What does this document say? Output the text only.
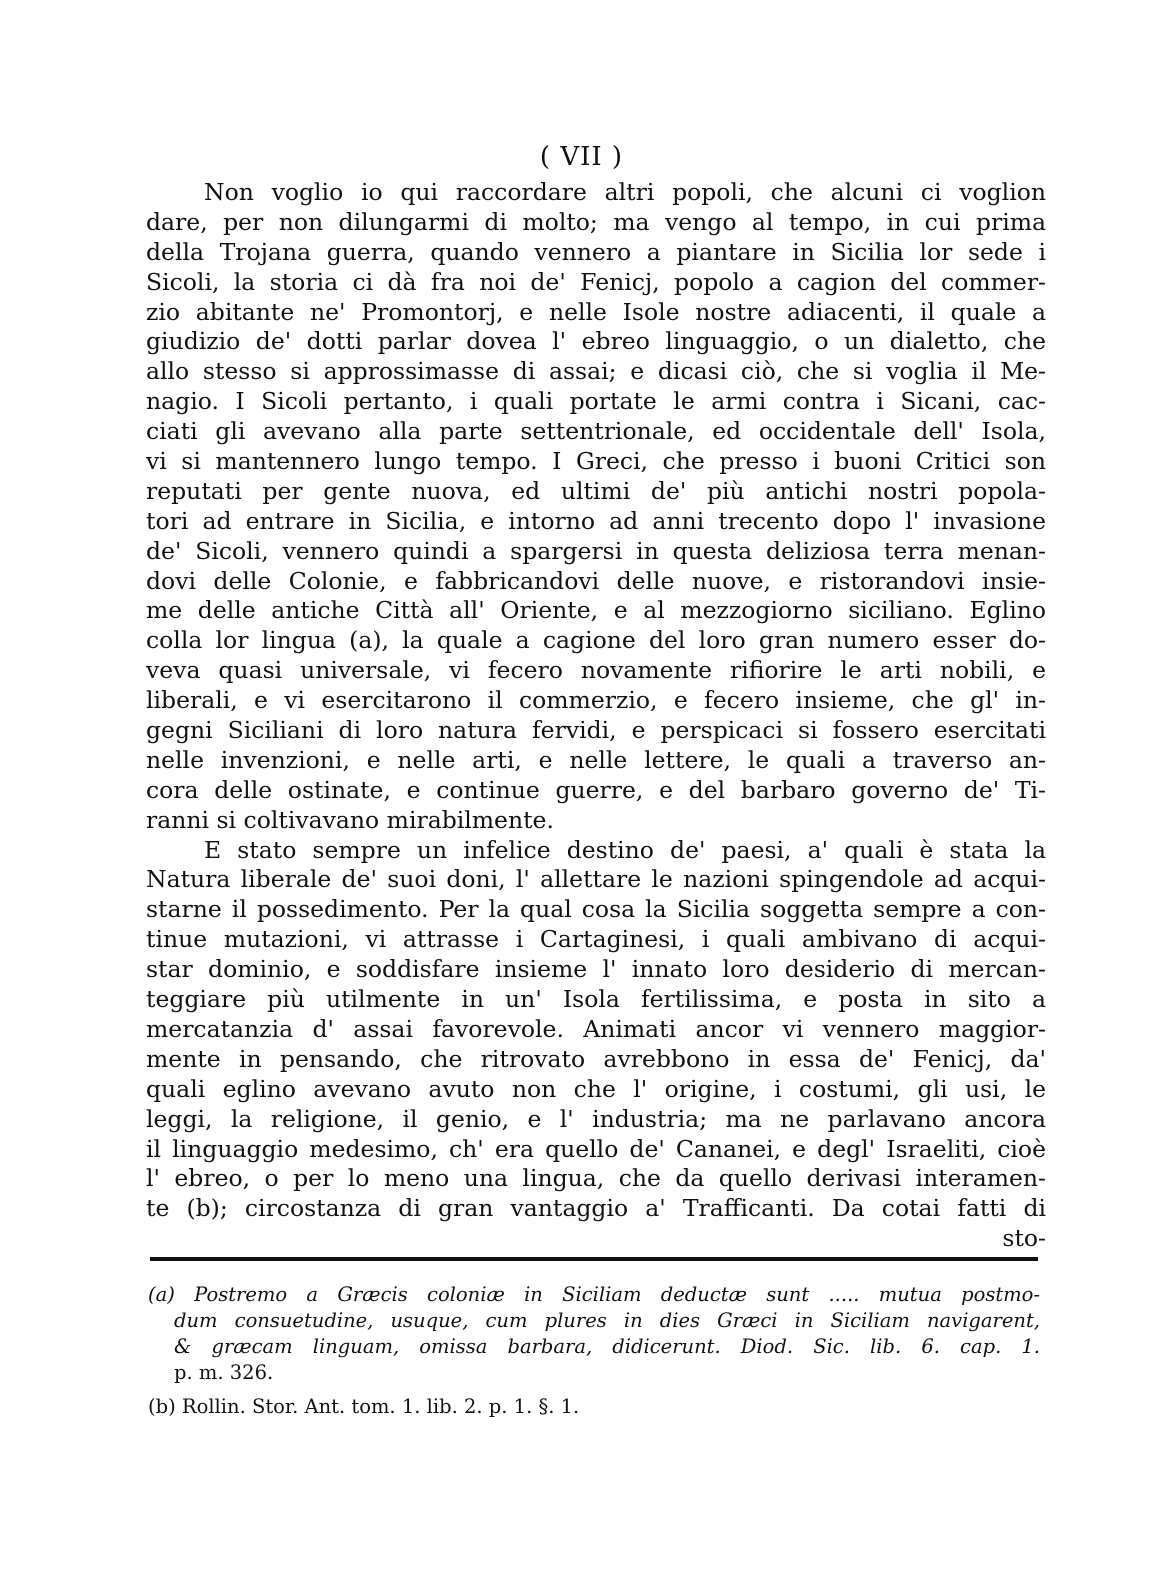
( VII )
Non voglio io qui raccordare altri popoli, che alcuni ci voglion
dare, per non dilungarmi di molto; ma vengo al tempo, in cui prima
della Trojana guerra, quando vennero a piantare in Sicilia lor sede i
Sicoli, la storia ci dà fra noi de' Fenicj, popolo a cagion del commer-
zio abitante ne' Promontorj, e nelle Isole nostre adiacenti, il quale a
giudizio de' dotti parlar dovea l' ebreo linguaggio, o un dialetto, che
allo stesso si approssimasse di assai; e dicasi ciò, che si voglia il Me-
nagio. I Sicoli pertanto, i quali portate le armi contra i Sicani, cac-
ciati gli avevano alla parte settentrionale, ed occidentale dell' Isola,
vi si mantennero lungo tempo. I Greci, che presso i buoni Critici son
reputati per gente nuova, ed ultimi de' più antichi nostri popola-
tori ad entrare in Sicilia, e intorno ad anni trecento dopo l' invasione
de' Sicoli, vennero quindi a spargersi in questa deliziosa terra menan-
dovi delle Colonie, e fabbricandovi delle nuove, e ristorandovi insie-
me delle antiche Città all' Oriente, e al mezzogiorno siciliano. Eglino
colla lor lingua (a), la quale a cagione del loro gran numero esser do-
veva quasi universale, vi fecero novamente rifiorire le arti nobili, e
liberali, e vi esercitarono il commerzio, e fecero insieme, che gl' in-
gegni Siciliani di loro natura fervidi, e perspicaci si fossero esercitati
nelle invenzioni, e nelle arti, e nelle lettere, le quali a traverso an-
cora delle ostinate, e continue guerre, e del barbaro governo de' Ti-
ranni si coltivavano mirabilmente.
E stato sempre un infelice destino de' paesi, a' quali è stata la
Natura liberale de' suoi doni, l' allettare le nazioni spingendole ad acqui-
starne il possedimento. Per la qual cosa la Sicilia soggetta sempre a con-
tinue mutazioni, vi attrasse i Cartaginesi, i quali ambivano di acqui-
star dominio, e soddisfare insieme l' innato loro desiderio di mercan-
teggiare più utilmente in un' Isola fertilissima, e posta in sito a
mercatanzia d' assai favorevole. Animati ancor vi vennero maggior-
mente in pensando, che ritrovato avrebbono in essa de' Fenicj, da'
quali eglino avevano avuto non che l' origine, i costumi, gli usi, le
leggi, la religione, il genio, e l' industria; ma ne parlavano ancora
il linguaggio medesimo, ch' era quello de' Cananei, e degl' Israeliti, cioè
l' ebreo, o per lo meno una lingua, che da quello derivasi interamen-
te (b); circostanza di gran vantaggio a' Trafficanti. Da cotai fatti di
sto-
(a) Postremo a Græcis coloniæ in Siciliam deductæ sunt ..... mutua postmo-
dum consuetudine, usuque, cum plures in dies Græci in Siciliam navigarent,
& græcam linguam, omissa barbara, didicerunt. Diod. Sic. lib. 6. cap. 1.
p. m. 326.
(b) Rollin. Stor. Ant. tom. 1. lib. 2. p. 1. §. 1.
